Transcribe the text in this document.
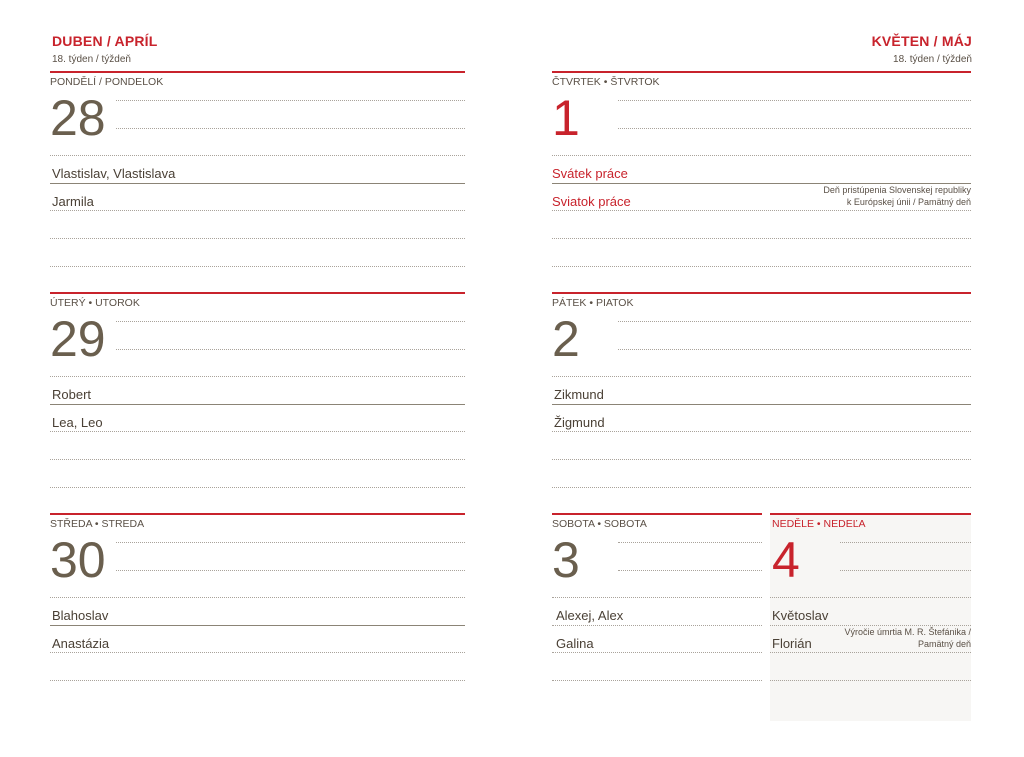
DUBEN / APRÍL
18. týden / týždeň
KVĚTEN / MÁJ
18. týden / týždeň
PONDĚLÍ / PONDELOK
28
Vlastislav, Vlastislava
Jarmila
ÚTERÝ • UTOROK
29
Robert
Lea, Leo
STŘEDA • STREDA
30
Blahoslav
Anastázia
ČTVRTEK • ŠTVRTOK
1
Svátek práce
Deň pristúpenia Slovenskej republiky
k Európskej únii / Pamätný deň
Sviatok práce
PÁTEK • PIATOK
2
Zikmund
Žigmund
SOBOTA • SOBOTA
3
Alexej, Alex
Galina
NEDĚLE • NEDEĽA
4
Květoslav
Výročie úmrtia M. R. Štefánika /
Pamätný deň
Florián
